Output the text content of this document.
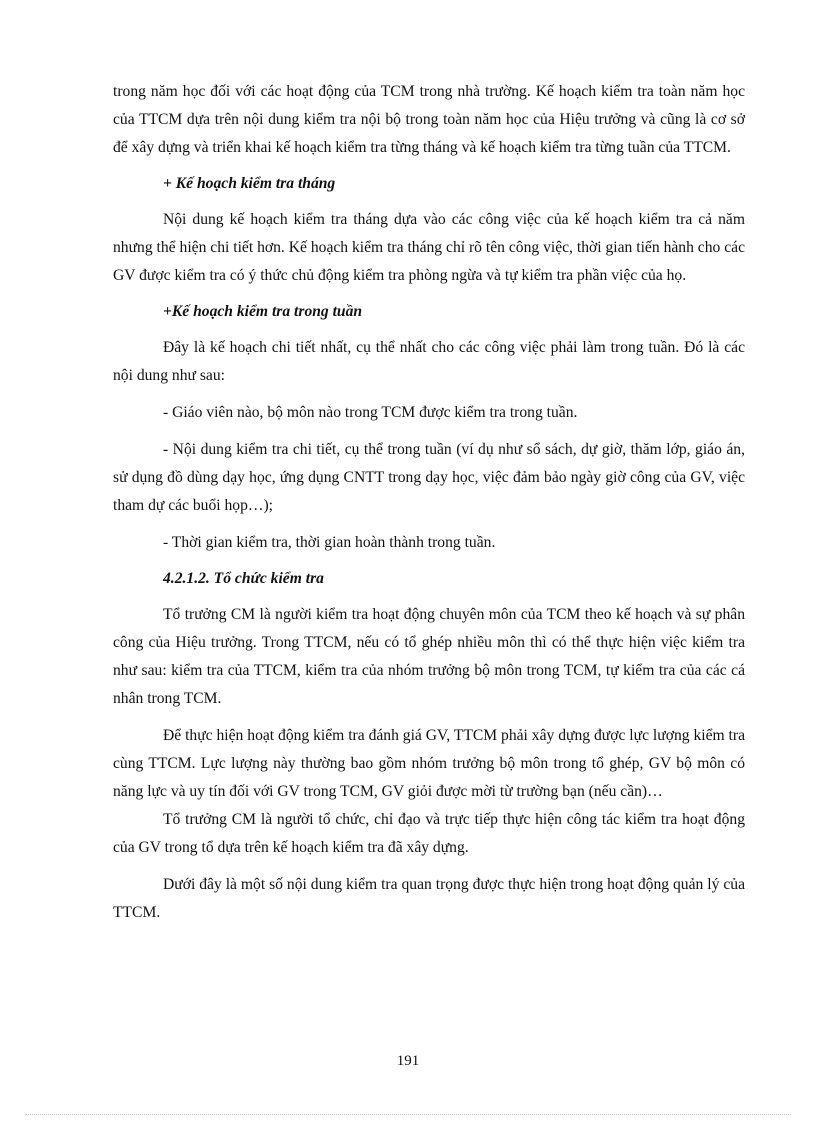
trong năm học đối với các hoạt động của TCM trong nhà trường. Kế hoạch kiểm tra toàn năm học của TTCM dựa trên nội dung kiểm tra nội bộ trong toàn năm học của Hiệu trưởng và cũng là cơ sở để xây dựng và triển khai kế hoạch kiểm tra từng tháng và kế hoạch kiểm tra từng tuần của TTCM.

+ Kế hoạch kiểm tra tháng

Nội dung kế hoạch kiểm tra tháng dựa vào các công việc của kế hoạch kiểm tra cả năm nhưng thể hiện chi tiết hơn. Kế hoạch kiểm tra tháng chỉ rõ tên công việc, thời gian tiến hành cho các GV được kiểm tra có ý thức chủ động kiểm tra phòng ngừa và tự kiểm tra phần việc của họ.

+Kế hoạch kiểm tra trong tuần

Đây là kế hoạch chi tiết nhất, cụ thể nhất cho các công việc phải làm trong tuần. Đó là các nội dung như sau:

- Giáo viên nào, bộ môn nào trong TCM được kiểm tra trong tuần.

- Nội dung kiểm tra chi tiết, cụ thể trong tuần (ví dụ như sổ sách, dự giờ, thăm lớp, giáo án, sử dụng đồ dùng dạy học, ứng dụng CNTT trong dạy học, việc đảm bảo ngày giờ công của GV, việc tham dự các buổi họp…);

- Thời gian kiểm tra, thời gian hoàn thành trong tuần.

4.2.1.2. Tổ chức kiểm tra

Tổ trưởng CM là người kiểm tra hoạt động chuyên môn của TCM theo kế hoạch và sự phân công của Hiệu trưởng. Trong TTCM, nếu có tổ ghép nhiều môn thì có thể thực hiện việc kiểm tra như sau: kiểm tra của TTCM, kiểm tra của nhóm trưởng bộ môn trong TCM, tự kiểm tra của các cá nhân trong TCM.

Để thực hiện hoạt động kiểm tra đánh giá GV, TTCM phải xây dựng được lực lượng kiểm tra cùng TTCM. Lực lượng này thường bao gồm nhóm trưởng bộ môn trong tổ ghép, GV bộ môn có năng lực và uy tín đối với GV trong TCM, GV giỏi được mời từ trường bạn (nếu cần)…

Tổ trưởng CM là người tổ chức, chỉ đạo và trực tiếp thực hiện công tác kiểm tra hoạt động của GV trong tổ dựa trên kế hoạch kiểm tra đã xây dựng.

Dưới đây là một số nội dung kiểm tra quan trọng được thực hiện trong hoạt động quản lý của TTCM.

191
